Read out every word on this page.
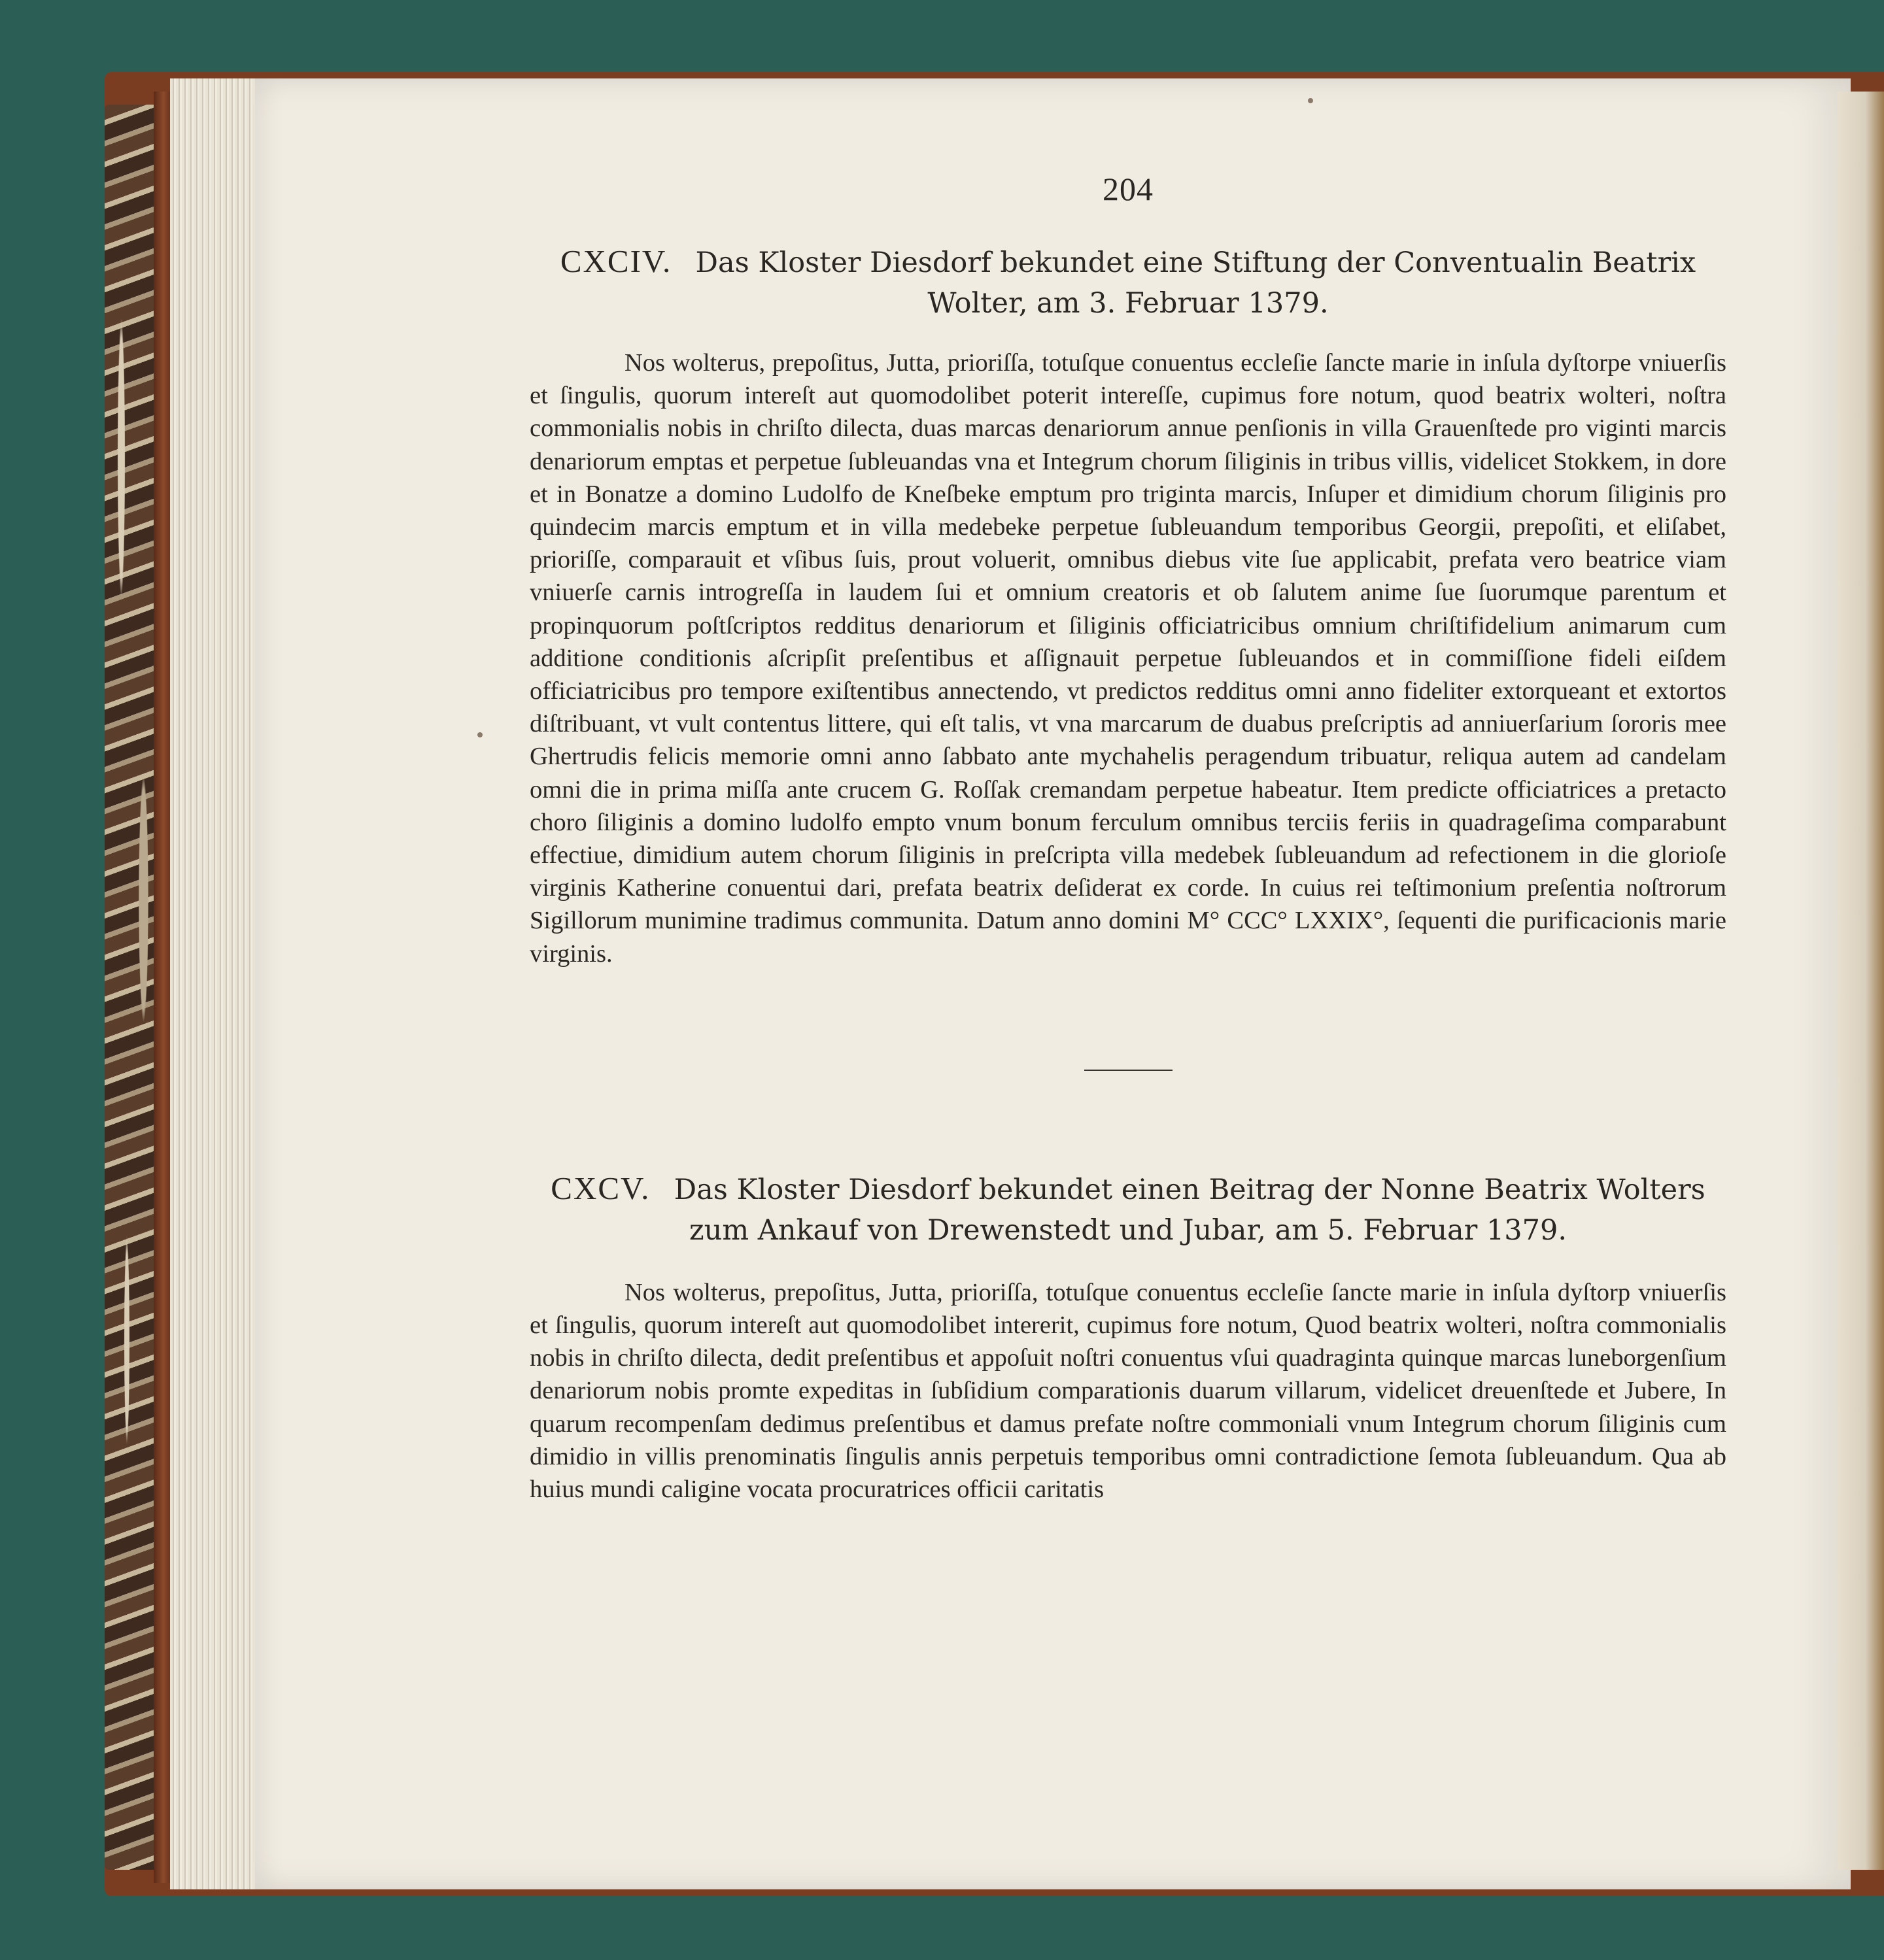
204
CXCIV. Das Kloster Diesdorf bekundet eine Stiftung der Conventualin Beatrix Wolter, am 3. Februar 1379.

Nos wolterus, prepoſitus, Jutta, prioriſſa, totuſque conuentus eccleſie ſancte marie in inſula dyſtorpe vniuerſis et ſingulis, quorum intereſt aut quomodolibet poterit intereſſe, cupimus fore notum, quod beatrix wolteri, noſtra commonialis nobis in chriſto dilecta, duas marcas denariorum annue penſionis in villa Grauenſtede pro viginti marcis denariorum emptas et perpetue ſubleuandas vna et Integrum chorum ſiliginis in tribus villis, videlicet Stokkem, in dore et in Bonatze a domino Ludolfo de Kneſbeke emptum pro triginta marcis, Inſuper et dimidium chorum ſiliginis pro quindecim marcis emptum et in villa medebeke perpetue ſubleuandum temporibus Georgii, prepoſiti, et eliſabet, prioriſſe, comparauit et vſibus ſuis, prout voluerit, omnibus diebus vite ſue applicabit, prefata vero beatrice viam vniuerſe carnis introgreſſa in laudem ſui et omnium creatoris et ob ſalutem anime ſue ſuorumque parentum et propinquorum poſtſcriptos redditus denariorum et ſiliginis officiatricibus omnium chriſtifidelium animarum cum additione conditionis aſcripſit preſentibus et aſſignauit perpetue ſubleuandos et in commiſſione fideli eiſdem officiatricibus pro tempore exiſtentibus annectendo, vt predictos redditus omni anno fideliter extorqueant et extortos diſtribuant, vt vult contentus littere, qui eſt talis, vt vna marcarum de duabus preſcriptis ad anniuerſarium ſororis mee Ghertrudis felicis memorie omni anno ſabbato ante mychahelis peragendum tribuatur, reliqua autem ad candelam omni die in prima miſſa ante crucem G. Roſſak cremandam perpetue habeatur. Item predicte officiatrices a pretacto choro ſiliginis a domino ludolfo empto vnum bonum ferculum omnibus terciis feriis in quadrageſima comparabunt effectiue, dimidium autem chorum ſiliginis in preſcripta villa medebek ſubleuandum ad refectionem in die glorioſe virginis Katherine conuentui dari, prefata beatrix deſiderat ex corde. In cuius rei teſtimonium preſentia noſtrorum Sigillorum munimine tradimus communita. Datum anno domini M° CCC° LXXIX°, ſequenti die purificacionis marie virginis.

CXCV. Das Kloster Diesdorf bekundet einen Beitrag der Nonne Beatrix Wolters zum Ankauf von Drewenstedt und Jubar, am 5. Februar 1379.

Nos wolterus, prepoſitus, Jutta, prioriſſa, totuſque conuentus eccleſie ſancte marie in inſula dyſtorp vniuerſis et ſingulis, quorum intereſt aut quomodolibet intererit, cupimus fore notum, Quod beatrix wolteri, noſtra commonialis nobis in chriſto dilecta, dedit preſentibus et appoſuit noſtri conuentus vſui quadraginta quinque marcas luneborgenſium denariorum nobis promte expeditas in ſubſidium comparationis duarum villarum, videlicet dreuenſtede et Jubere, In quarum recompenſam dedimus preſentibus et damus prefate noſtre commoniali vnum Integrum chorum ſiliginis cum dimidio in villis prenominatis ſingulis annis perpetuis temporibus omni contradictione ſemota ſubleuandum. Qua ab huius mundi caligine vocata procuratrices officii caritatis
